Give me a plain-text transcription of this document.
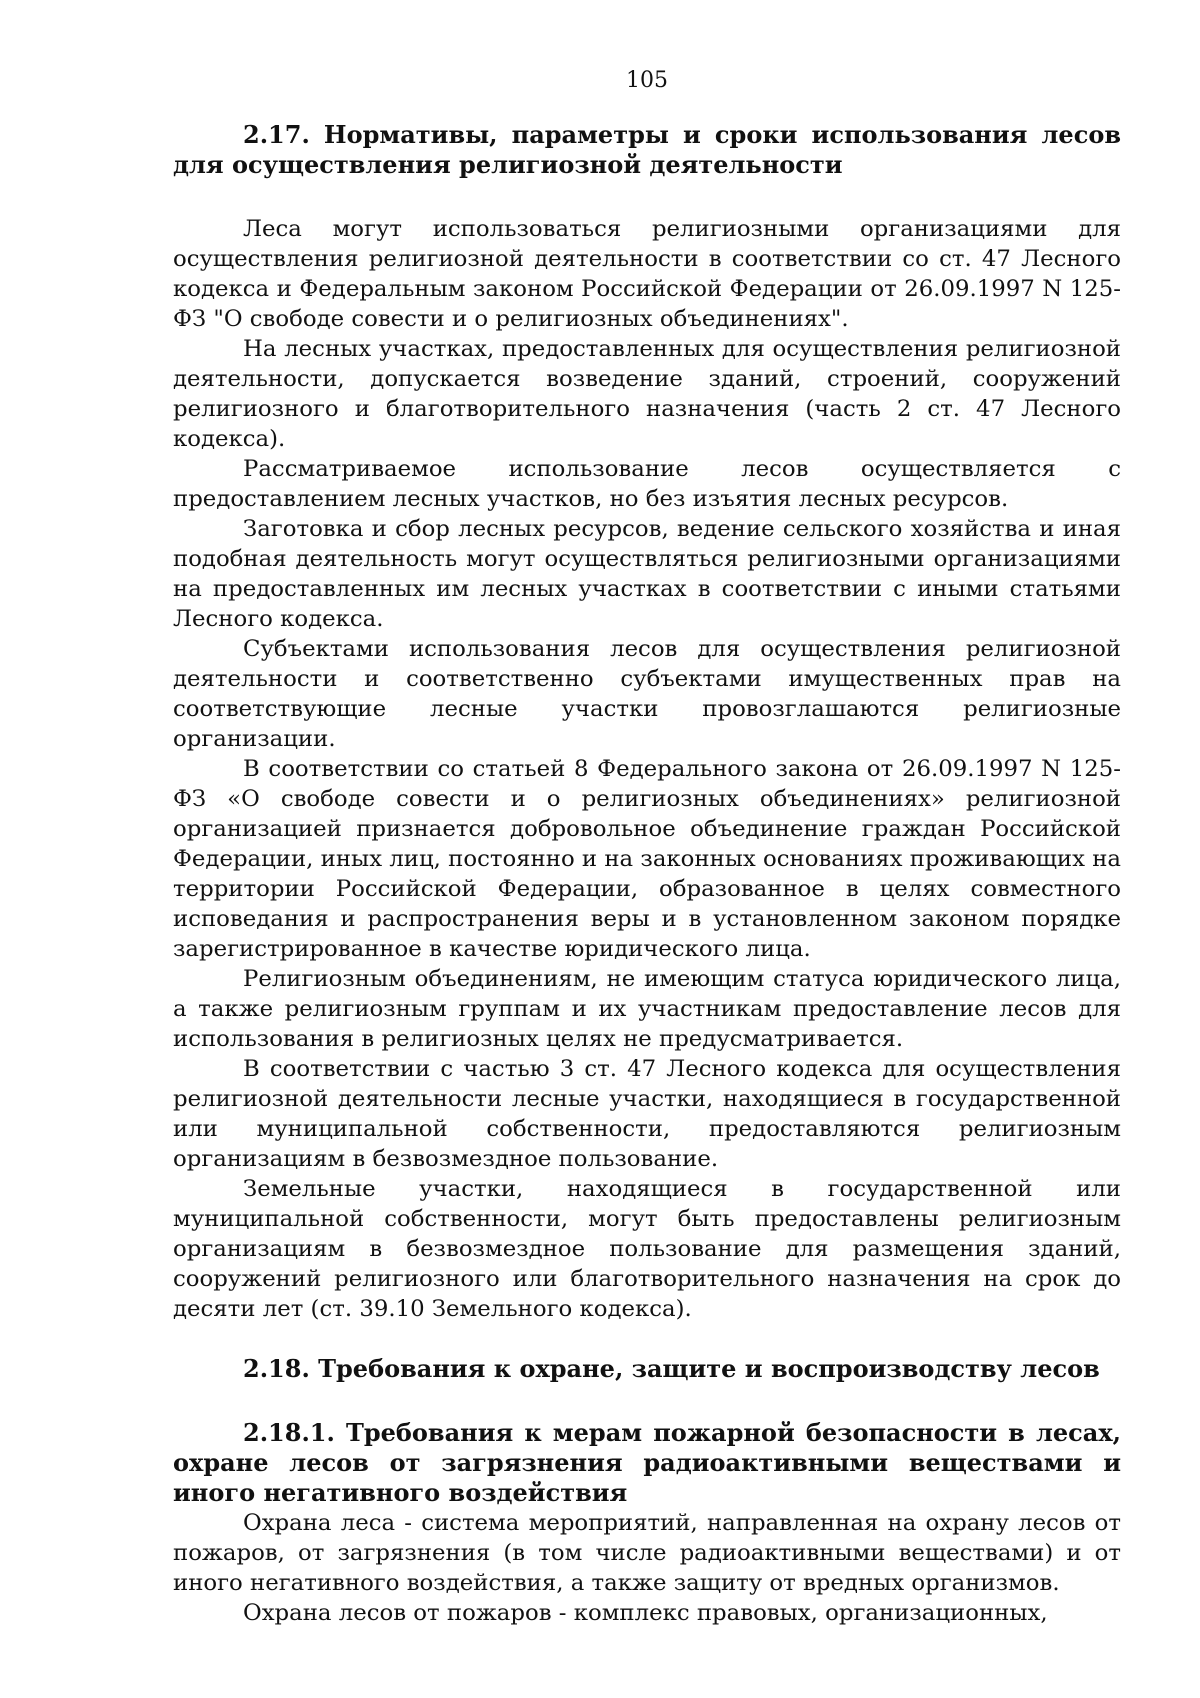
105

2.17. Нормативы, параметры и сроки использования лесов для осуществления религиозной деятельности

Леса могут использоваться религиозными организациями для осуществления религиозной деятельности в соответствии со ст. 47 Лесного кодекса и Федеральным законом Российской Федерации от 26.09.1997 N 125-ФЗ "О свободе совести и о религиозных объединениях".

На лесных участках, предоставленных для осуществления религиозной деятельности, допускается возведение зданий, строений, сооружений религиозного и благотворительного назначения (часть 2 ст. 47 Лесного кодекса).

Рассматриваемое использование лесов осуществляется с предоставлением лесных участков, но без изъятия лесных ресурсов.

Заготовка и сбор лесных ресурсов, ведение сельского хозяйства и иная подобная деятельность могут осуществляться религиозными организациями на предоставленных им лесных участках в соответствии с иными статьями Лесного кодекса.

Субъектами использования лесов для осуществления религиозной деятельности и соответственно субъектами имущественных прав на соответствующие лесные участки провозглашаются религиозные организации.

В соответствии со статьей 8 Федерального закона от 26.09.1997 N 125-ФЗ «О свободе совести и о религиозных объединениях» религиозной организацией признается добровольное объединение граждан Российской Федерации, иных лиц, постоянно и на законных основаниях проживающих на территории Российской Федерации, образованное в целях совместного исповедания и распространения веры и в установленном законом порядке зарегистрированное в качестве юридического лица.

Религиозным объединениям, не имеющим статуса юридического лица, а также религиозным группам и их участникам предоставление лесов для использования в религиозных целях не предусматривается.

В соответствии с частью 3 ст. 47 Лесного кодекса для осуществления религиозной деятельности лесные участки, находящиеся в государственной или муниципальной собственности, предоставляются религиозным организациям в безвозмездное пользование.

Земельные участки, находящиеся в государственной или муниципальной собственности, могут быть предоставлены религиозным организациям в безвозмездное пользование для размещения зданий, сооружений религиозного или благотворительного назначения на срок до десяти лет (ст. 39.10 Земельного кодекса).

2.18. Требования к охране, защите и воспроизводству лесов

2.18.1. Требования к мерам пожарной безопасности в лесах, охране лесов от загрязнения радиоактивными веществами и иного негативного воздействия

Охрана леса - система мероприятий, направленная на охрану лесов от пожаров, от загрязнения (в том числе радиоактивными веществами) и от иного негативного воздействия, а также защиту от вредных организмов.

Охрана лесов от пожаров - комплекс правовых, организационных,
